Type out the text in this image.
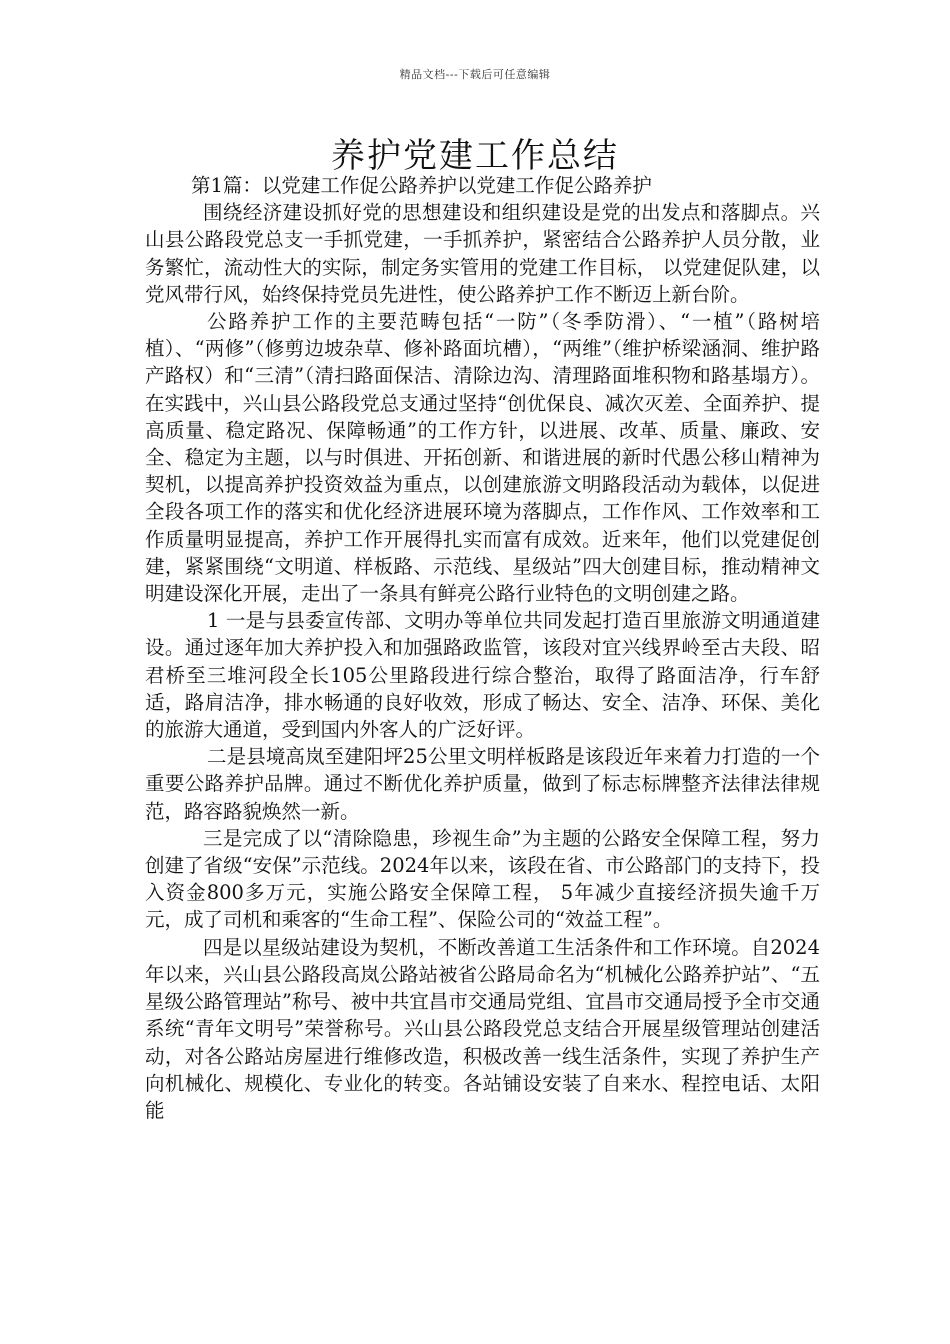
精品文档---下载后可任意编辑
养护党建工作总结

第1篇：以党建工作促公路养护以党建工作促公路养护

围绕经济建设抓好党的思想建设和组织建设是党的出发点和落脚点。兴山县公路段党总支一手抓党建，一手抓养护，紧密结合公路养护人员分散，业务繁忙，流动性大的实际，制定务实管用的党建工作目标， 以党建促队建，以党风带行风，始终保持党员先进性，使公路养护工作不断迈上新台阶。

公路养护工作的主要范畴包括“一防”（冬季防滑）、“一植”（路树培植）、“两修”（修剪边坡杂草、修补路面坑槽），“两维”（维护桥梁涵洞、维护路产路权）和“三清”（清扫路面保洁、清除边沟、清理路面堆积物和路基塌方）。在实践中，兴山县公路段党总支通过坚持“创优保良、减次灭差、全面养护、提高质量、稳定路况、保障畅通”的工作方针，以进展、改革、质量、廉政、安全、稳定为主题，以与时俱进、开拓创新、和谐进展的新时代愚公移山精神为契机，以提高养护投资效益为重点，以创建旅游文明路段活动为载体，以促进全段各项工作的落实和优化经济进展环境为落脚点，工作作风、工作效率和工作质量明显提高，养护工作开展得扎实而富有成效。近来年，他们以党建促创建，紧紧围绕“文明道、样板路、示范线、星级站”四大创建目标，推动精神文明建设深化开展，走出了一条具有鲜亮公路行业特色的文明创建之路。

1 一是与县委宣传部、文明办等单位共同发起打造百里旅游文明通道建设。通过逐年加大养护投入和加强路政监管，该段对宜兴线界岭至古夫段、昭君桥至三堆河段全长105公里路段进行综合整治，取得了路面洁净，行车舒适，路肩洁净，排水畅通的良好收效，形成了畅达、安全、洁净、环保、美化的旅游大通道，受到国内外客人的广泛好评。

二是县境高岚至建阳坪25公里文明样板路是该段近年来着力打造的一个重要公路养护品牌。通过不断优化养护质量，做到了标志标牌整齐法律法律规范，路容路貌焕然一新。

三是完成了以“清除隐患，珍视生命”为主题的公路安全保障工程，努力创建了省级“安保”示范线。2024年以来，该段在省、市公路部门的支持下，投入资金800多万元，实施公路安全保障工程， 5年减少直接经济损失逾千万元，成了司机和乘客的“生命工程”、保险公司的“效益工程”。

四是以星级站建设为契机，不断改善道工生活条件和工作环境。自2024年以来，兴山县公路段高岚公路站被省公路局命名为“机械化公路养护站”、“五星级公路管理站”称号、被中共宜昌市交通局党组、宜昌市交通局授予全市交通系统“青年文明号”荣誉称号。兴山县公路段党总支结合开展星级管理站创建活动，对各公路站房屋进行维修改造，积极改善一线生活条件，实现了养护生产向机械化、规模化、专业化的转变。各站铺设安装了自来水、程控电话、太阳能
